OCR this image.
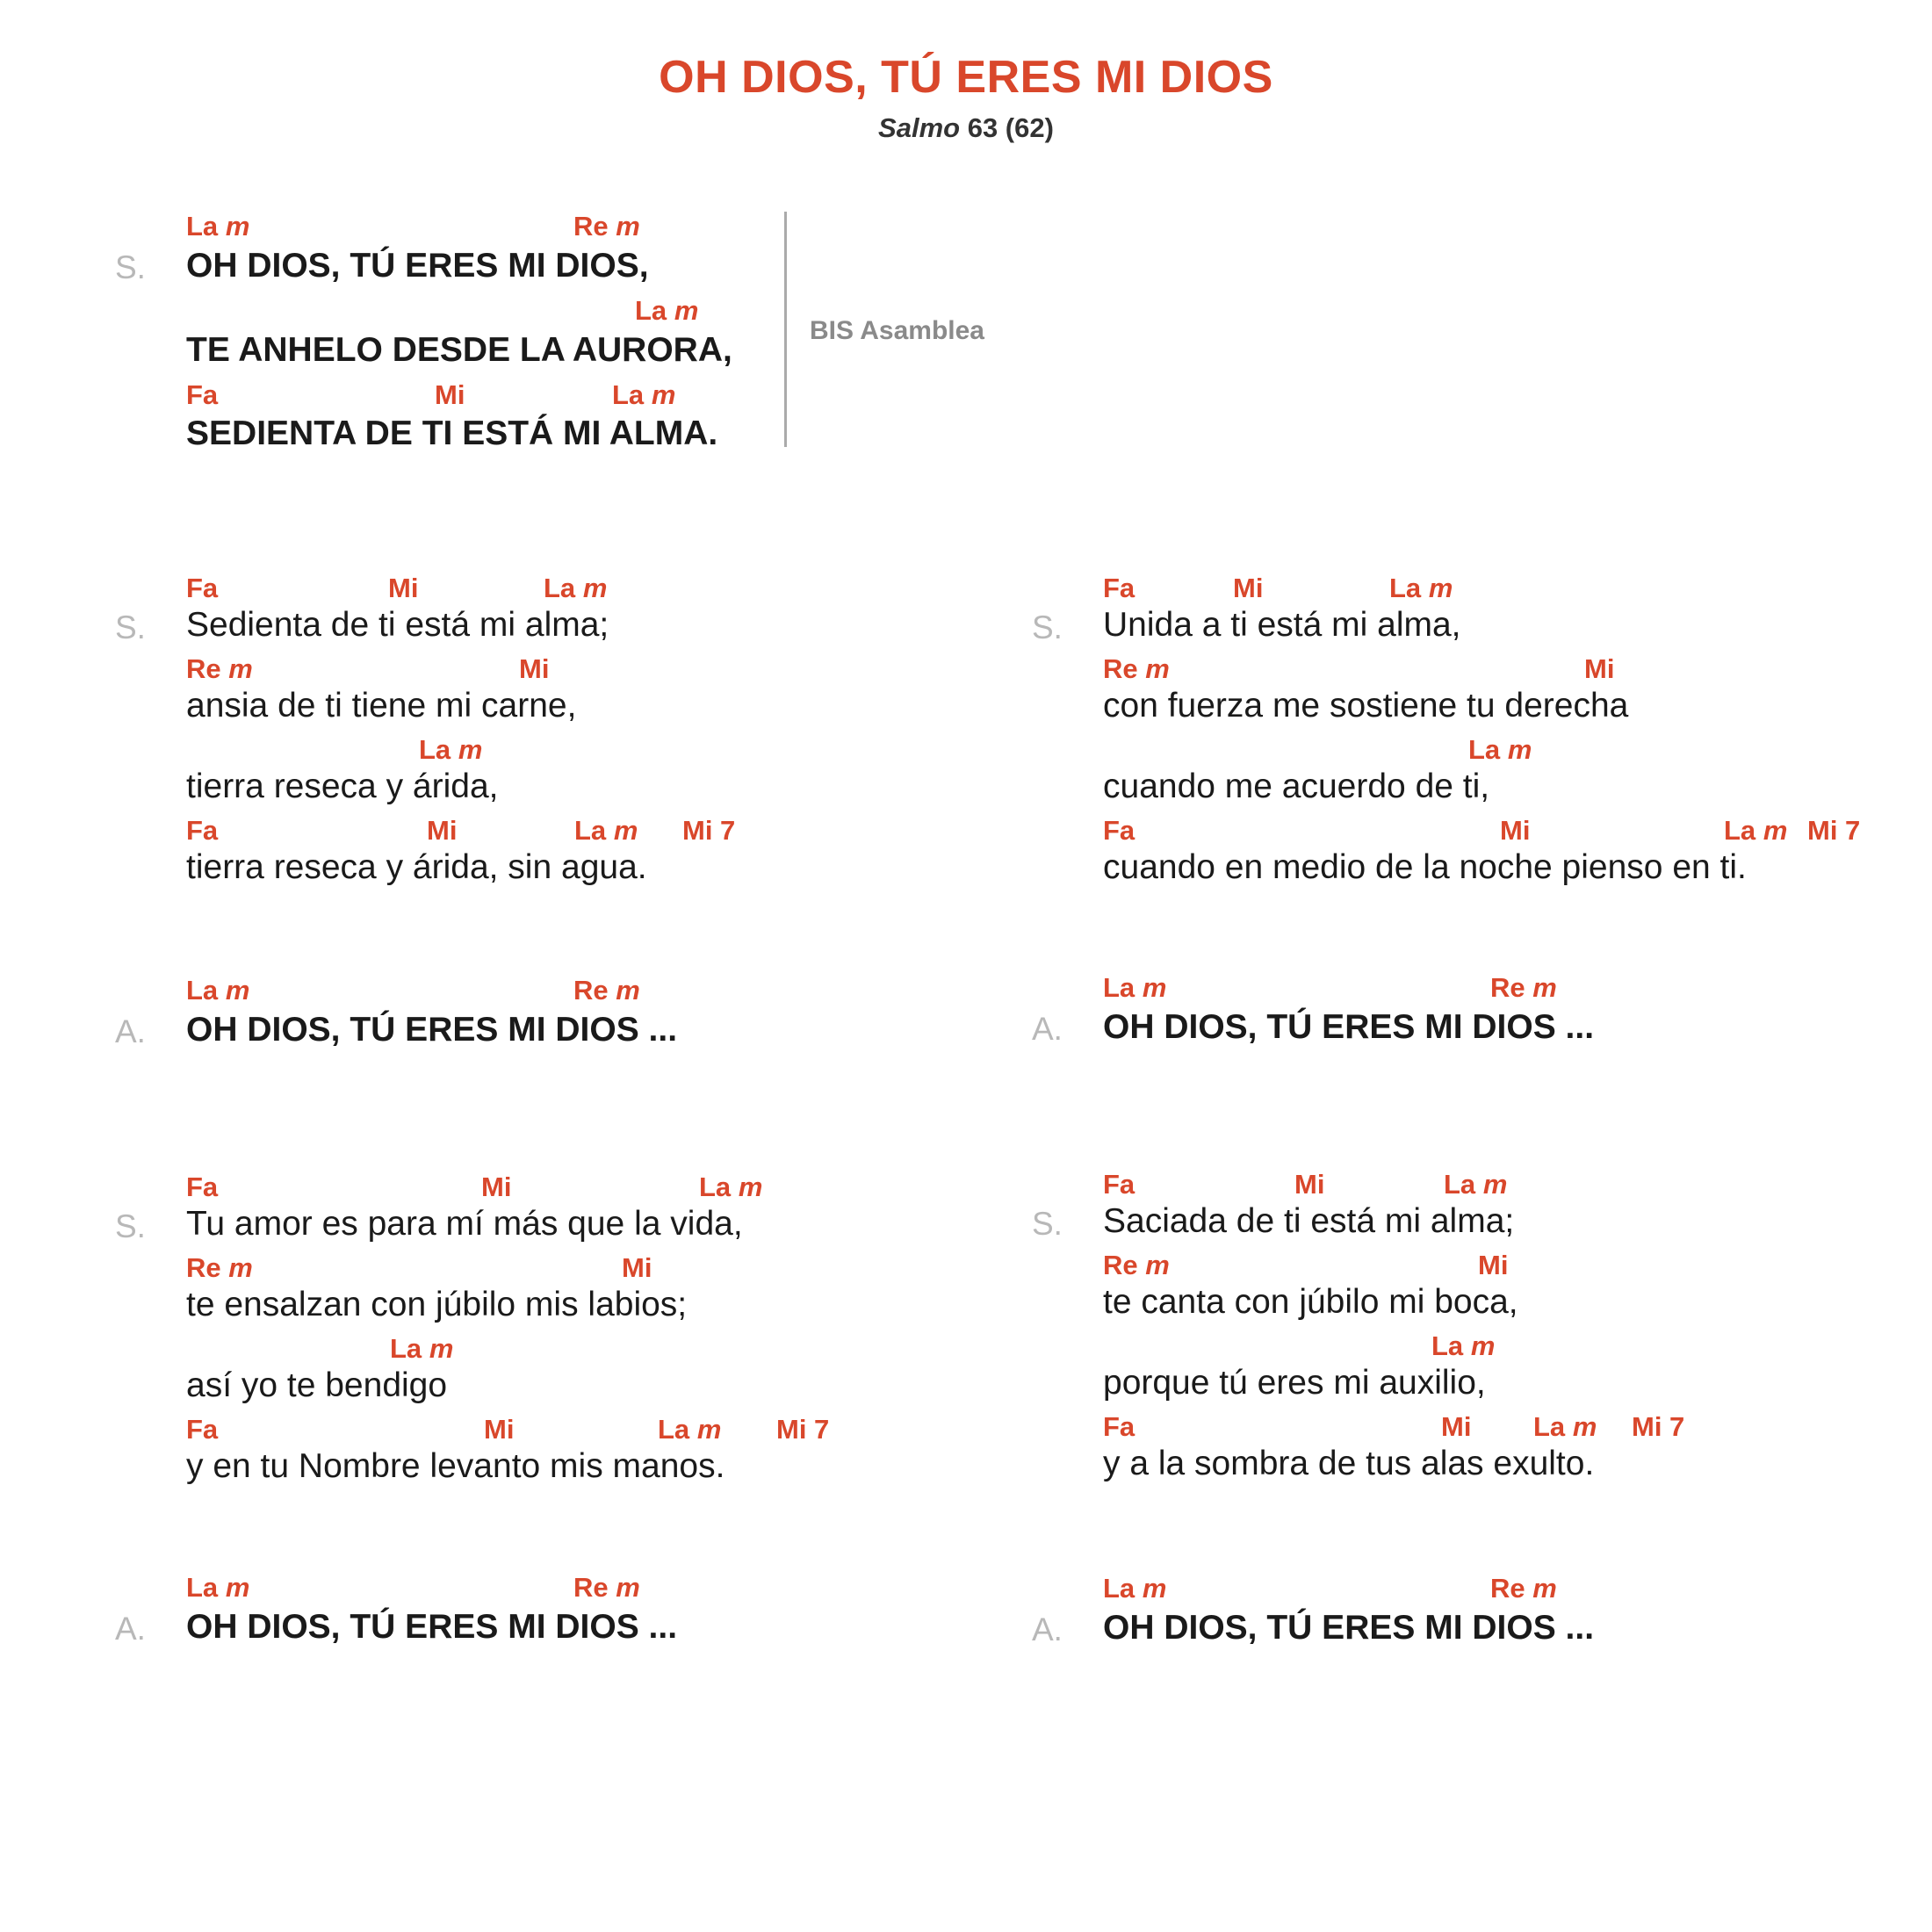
OH DIOS, TÚ ERES MI DIOS
Salmo 63 (62)
La m	Re m
S. OH DIOS, TÚ ERES MI DIOS,
La m
TE ANHELO DESDE LA AURORA,
Fa	Mi	La m
SEDIENTA DE TI ESTÁ MI ALMA.
BIS Asamblea
Fa	Mi	La m
S. Sedienta de ti está mi alma;
Re m	Mi
ansia de ti tiene mi carne,
La m
tierra reseca y árida,
Fa	Mi	La m Mi 7
tierra reseca y árida, sin agua.
Fa	Mi	La m
S. Unida a ti está mi alma,
Re m	Mi
con fuerza me sostiene tu derecha
La m
cuando me acuerdo de ti,
Fa	Mi	La m Mi 7
cuando en medio de la noche pienso en ti.
La m	Re m
A. OH DIOS, TÚ ERES MI DIOS ...
La m	Re m
A. OH DIOS, TÚ ERES MI DIOS ...
Fa	Mi	La m
S. Tu amor es para mí más que la vida,
Re m	Mi
te ensalzan con júbilo mis labios;
La m
así yo te bendigo
Fa	Mi	La m Mi 7
y en tu Nombre levanto mis manos.
Fa	Mi	La m
S. Saciada de ti está mi alma;
Re m	Mi
te canta con júbilo mi boca,
La m
porque tú eres mi auxilio,
Fa	Mi La m Mi 7
y a la sombra de tus alas exulto.
La m	Re m
A. OH DIOS, TÚ ERES MI DIOS ...
La m	Re m
A. OH DIOS, TÚ ERES MI DIOS ...
